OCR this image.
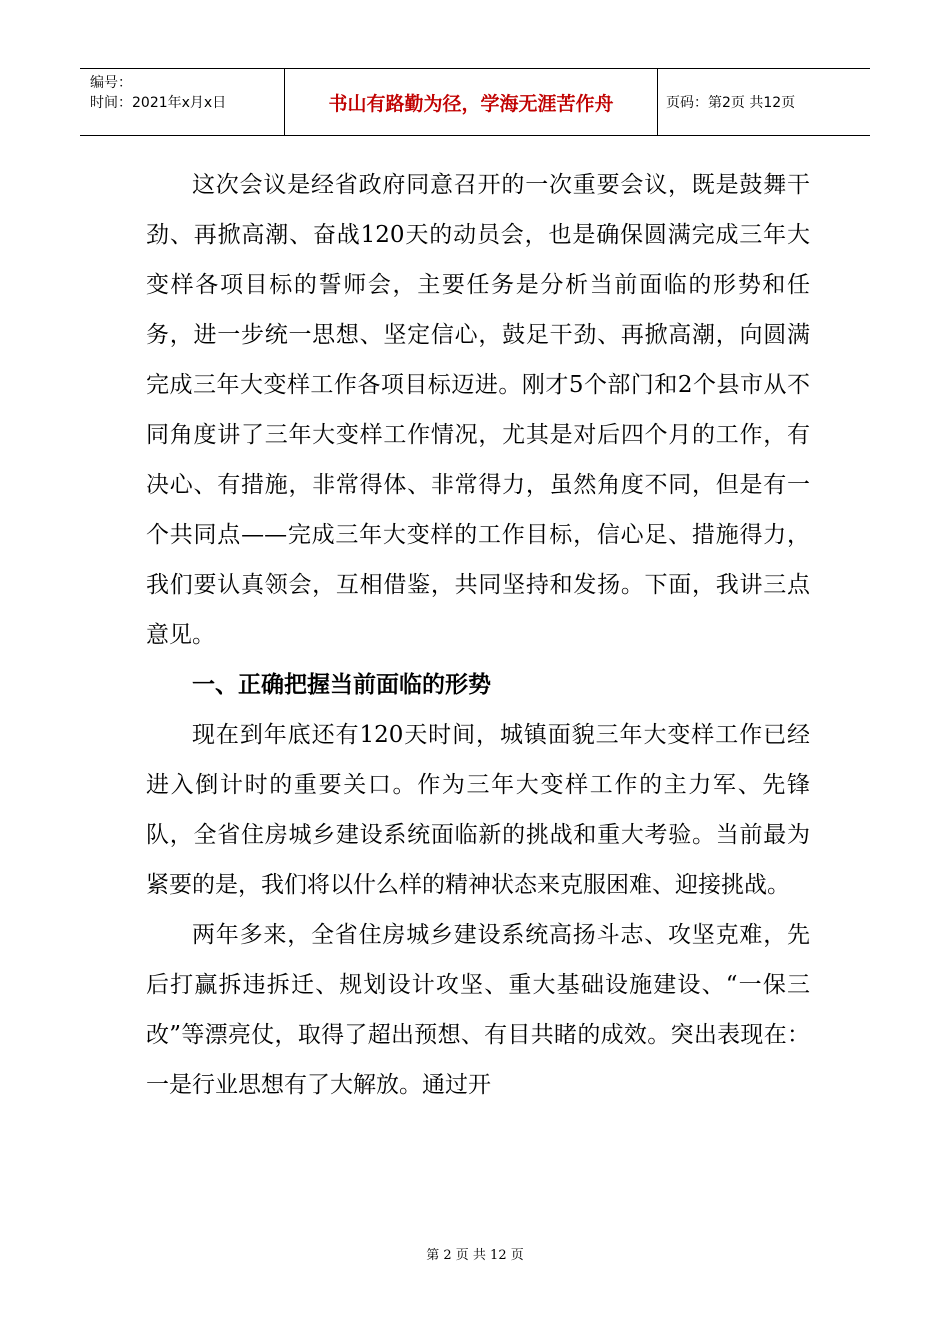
编号：
时间：2021年x月x日	书山有路勤为径，学海无涯苦作舟	页码：第2页 共12页

这次会议是经省政府同意召开的一次重要会议，既是鼓舞干劲、再掀高潮、奋战120天的动员会，也是确保圆满完成三年大变样各项目标的誓师会，主要任务是分析当前面临的形势和任务，进一步统一思想、坚定信心，鼓足干劲、再掀高潮，向圆满完成三年大变样工作各项目标迈进。刚才5个部门和2个县市从不同角度讲了三年大变样工作情况，尤其是对后四个月的工作，有决心、有措施，非常得体、非常得力，虽然角度不同，但是有一个共同点——完成三年大变样的工作目标，信心足、措施得力，我们要认真领会，互相借鉴，共同坚持和发扬。下面，我讲三点意见。

一、正确把握当前面临的形势

现在到年底还有120天时间，城镇面貌三年大变样工作已经进入倒计时的重要关口。作为三年大变样工作的主力军、先锋队，全省住房城乡建设系统面临新的挑战和重大考验。当前最为紧要的是，我们将以什么样的精神状态来克服困难、迎接挑战。

两年多来，全省住房城乡建设系统高扬斗志、攻坚克难，先后打赢拆违拆迁、规划设计攻坚、重大基础设施建设、“一保三改”等漂亮仗，取得了超出预想、有目共睹的成效。突出表现在：一是行业思想有了大解放。通过开

第 2 页 共 12 页
